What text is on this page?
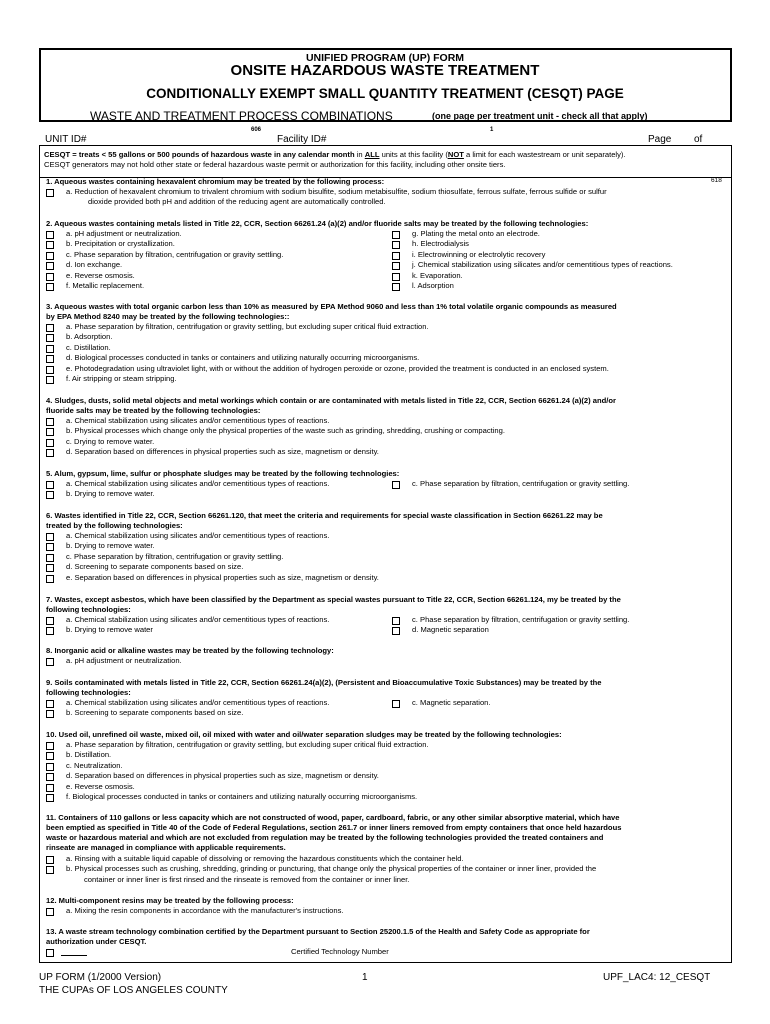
UNIFIED PROGRAM (UP) FORM
ONSITE HAZARDOUS WASTE TREATMENT
CONDITIONALLY EXEMPT SMALL QUANTITY TREATMENT (CESQT) PAGE
WASTE AND TREATMENT PROCESS COMBINATIONS	(one page per treatment unit - check all that apply)
606	1
UNIT ID#	Facility ID#	Page of
CESQT = treats < 55 gallons or 500 pounds of hazardous waste in any calendar month in ALL units at this facility (NOT a limit for each wastestream or unit separately).
CESQT generators may not hold other state or federal hazardous waste permit or authorization for this facility, including other onsite tiers.
618
1. Aqueous wastes containing hexavalent chromium may be treated by the following process:
a. Reduction of hexavalent chromium to trivalent chromium with sodium bisulfite, sodium metabisulfite, sodium thiosulfate, ferrous sulfate, ferrous sulfide or sulfur
dioxide provided both pH and addition of the reducing agent are automatically controlled.
2. Aqueous wastes containing metals listed in Title 22, CCR, Section 66261.24 (a)(2) and/or fluoride salts may be treated by the following technologies:
a. pH adjustment or neutralization.
b. Precipitation or crystallization.
c. Phase separation by filtration, centrifugation or gravity settling.
d. Ion exchange.
e. Reverse osmosis.
f. Metallic replacement.
g. Plating the metal onto an electrode.
h. Electrodialysis
i. Electrowinning or electrolytic recovery
j. Chemical stabilization using silicates and/or cementitious types of reactions.
k. Evaporation.
l. Adsorption
3. Aqueous wastes with total organic carbon less than 10% as measured by EPA Method 9060 and less than 1% total volatile organic compounds as measured
by EPA Method 8240 may be treated by the following technologies::
a. Phase separation by filtration, centrifugation or gravity settling, but excluding super critical fluid extraction.
b. Adsorption.
c. Distillation.
d. Biological processes conducted in tanks or containers and utilizing naturally occurring microorganisms.
e. Photodegradation using ultraviolet light, with or without the addition of hydrogen peroxide or ozone, provided the treatment is conducted in an enclosed system.
f. Air stripping or steam stripping.
4. Sludges, dusts, solid metal objects and metal workings which contain or are contaminated with metals listed in Title 22, CCR, Section 66261.24 (a)(2) and/or
fluoride salts may be treated by the following technologies:
a. Chemical stabilization using silicates and/or cementitious types of reactions.
b. Physical processes which change only the physical properties of the waste such as grinding, shredding, crushing or compacting.
c. Drying to remove water.
d. Separation based on differences in physical properties such as size, magnetism or density.
5. Alum, gypsum, lime, sulfur or phosphate sludges may be treated by the following technologies:
a. Chemical stabilization using silicates and/or cementitious types of reactions.	c. Phase separation by filtration, centrifugation or gravity settling.
b. Drying to remove water.
6. Wastes identified in Title 22, CCR, Section 66261.120, that meet the criteria and requirements for special waste classification in Section 66261.22 may be
treated by the following technologies:
a. Chemical stabilization using silicates and/or cementitious types of reactions.
b. Drying to remove water.
c. Phase separation by filtration, centrifugation or gravity settling.
d. Screening to separate components based on size.
e. Separation based on differences in physical properties such as size, magnetism or density.
7. Wastes, except asbestos, which have been classified by the Department as special wastes pursuant to Title 22, CCR, Section 66261.124, my be treated by the
following technologies:
a. Chemical stabilization using silicates and/or cementitious types of reactions.	c. Phase separation by filtration, centrifugation or gravity settling.
b. Drying to remove water	d. Magnetic separation
8. Inorganic acid or alkaline wastes may be treated by the following technology:
a. pH adjustment or neutralization.
9. Soils contaminated with metals listed in Title 22, CCR, Section 66261.24(a)(2), (Persistent and Bioaccumulative Toxic Substances) may be treated by the
following technologies:
a. Chemical stabilization using silicates and/or cementitious types of reactions.	c. Magnetic separation.
b. Screening to separate components based on size.
10. Used oil, unrefined oil waste, mixed oil, oil mixed with water and oil/water separation sludges may be treated by the following technologies:
a. Phase separation by filtration, centrifugation or gravity settling, but excluding super critical fluid extraction.
b. Distillation.
c. Neutralization.
d. Separation based on differences in physical properties such as size, magnetism or density.
e. Reverse osmosis.
f. Biological processes conducted in tanks or containers and utilizing naturally occurring microorganisms.
11. Containers of 110 gallons or less capacity which are not constructed of wood, paper, cardboard, fabric, or any other similar absorptive material, which have
been emptied as specified in Title 40 of the Code of Federal Regulations, section 261.7 or inner liners removed from empty containers that once held hazardous
waste or hazardous material and which are not excluded from regulation may be treated by the following technologies provided the treated containers and
rinseate are managed in compliance with applicable requirements.
a. Rinsing with a suitable liquid capable of dissolving or removing the hazardous constituents which the container held.
b. Physical processes such as crushing, shredding, grinding or puncturing, that change only the physical properties of the container or inner liner, provided the
container or inner liner is first rinsed and the rinseate is removed from the container or inner liner.
12. Multi-component resins may be treated by the following process:
a. Mixing the resin components in accordance with the manufacturer's instructions.
13. A waste stream technology combination certified by the Department pursuant to Section 25200.1.5 of the Health and Safety Code as appropriate for
authorization under CESQT.
Certified Technology Number
UP FORM (1/2000 Version)
THE CUPAs OF LOS ANGELES COUNTY
1	UPF_LAC4: 12_CESQT
